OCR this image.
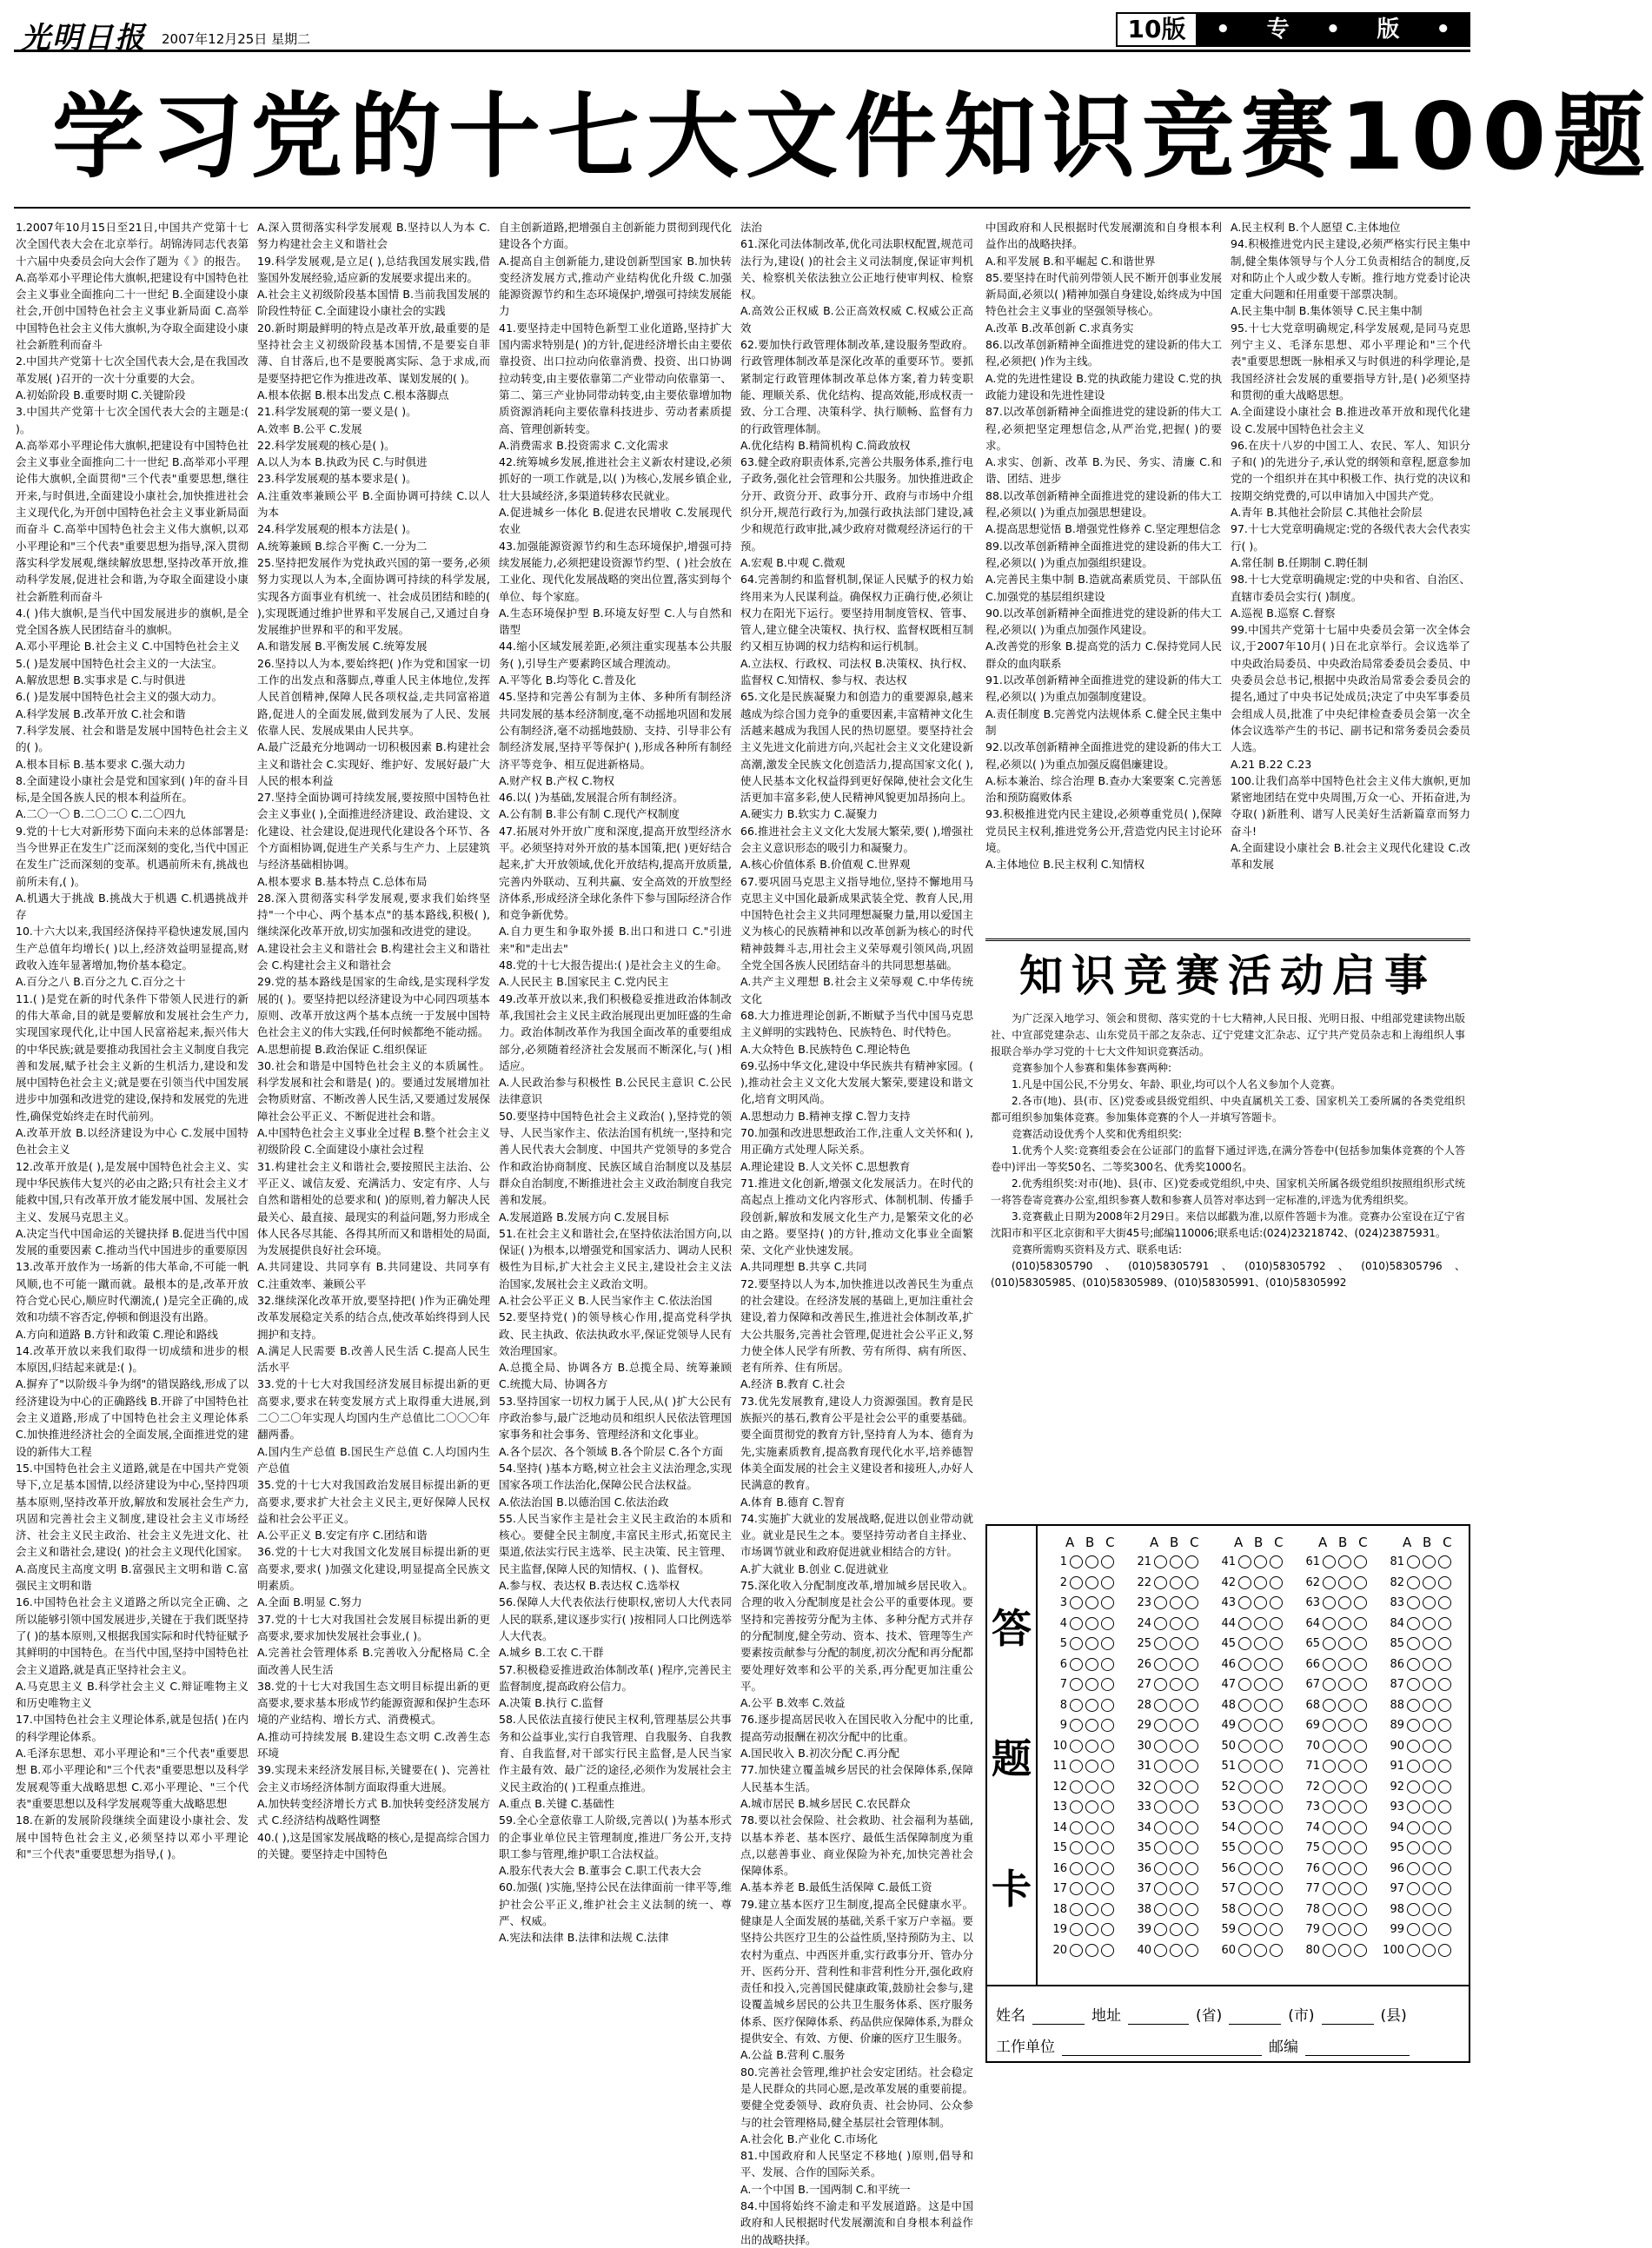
光明日报 2007年12月25日 星期二	10版	• 专 • 版 •
学习党的十七大文件知识竞赛100题

1.2007年10月15日至21日,中国共产党第十七次全国代表大会在北京举行。胡锦涛同志代表第十六届中央委员会向大会作了题为《 》的报告。

A.高举邓小平理论伟大旗帜,把建设有中国特色社会主义事业全面推向二十一世纪 B.全面建设小康社会,开创中国特色社会主义事业新局面 C.高举中国特色社会主义伟大旗帜,为夺取全面建设小康社会新胜利而奋斗

2.中国共产党第十七次全国代表大会,是在我国改革发展( )召开的一次十分重要的大会。

A.初始阶段 B.重要时期 C.关键阶段

3.中国共产党第十七次全国代表大会的主题是:( )。

A.高举邓小平理论伟大旗帜,把建设有中国特色社会主义事业全面推向二十一世纪 B.高举邓小平理论伟大旗帜,全面贯彻"三个代表"重要思想,继往开来,与时俱进,全面建设小康社会,加快推进社会主义现代化,为开创中国特色社会主义事业新局面而奋斗 C.高举中国特色社会主义伟大旗帜,以邓小平理论和"三个代表"重要思想为指导,深入贯彻落实科学发展观,继续解放思想,坚持改革开放,推动科学发展,促进社会和谐,为夺取全面建设小康社会新胜利而奋斗

4.( )伟大旗帜,是当代中国发展进步的旗帜,是全党全国各族人民团结奋斗的旗帜。

A.邓小平理论 B.社会主义 C.中国特色社会主义

5.( )是发展中国特色社会主义的一大法宝。

A.解放思想 B.实事求是 C.与时俱进

6.( )是发展中国特色社会主义的强大动力。

A.科学发展 B.改革开放 C.社会和谐

7.科学发展、社会和谐是发展中国特色社会主义的( )。

A.根本目标 B.基本要求 C.强大动力

8.全面建设小康社会是党和国家到( )年的奋斗目标,是全国各族人民的根本利益所在。

A.二〇一〇 B.二〇二〇 C.二〇四九

9.党的十七大对新形势下面向未来的总体部署是:当今世界正在发生广泛而深刻的变化,当代中国正在发生广泛而深刻的变革。机遇前所未有,挑战也前所未有,( )。

A.机遇大于挑战 B.挑战大于机遇 C.机遇挑战并存

10.十六大以来,我国经济保持平稳快速发展,国内生产总值年均增长( )以上,经济效益明显提高,财政收入连年显著增加,物价基本稳定。

A.百分之八 B.百分之九 C.百分之十

11.( )是党在新的时代条件下带领人民进行的新的伟大革命,目的就是要解放和发展社会生产力,实现国家现代化,让中国人民富裕起来,振兴伟大的中华民族;就是要推动我国社会主义制度自我完善和发展,赋予社会主义新的生机活力,建设和发展中国特色社会主义;就是要在引领当代中国发展进步中加强和改进党的建设,保持和发展党的先进性,确保党始终走在时代前列。

A.改革开放 B.以经济建设为中心 C.发展中国特色社会主义

12.改革开放是( ),是发展中国特色社会主义、实现中华民族伟大复兴的必由之路;只有社会主义才能救中国,只有改革开放才能发展中国、发展社会主义、发展马克思主义。

A.决定当代中国命运的关键抉择 B.促进当代中国发展的重要因素 C.推动当代中国进步的重要原因

13.改革开放作为一场新的伟大革命,不可能一帆风顺,也不可能一蹴而就。最根本的是,改革开放符合党心民心,顺应时代潮流,( )是完全正确的,成效和功绩不容否定,停顿和倒退没有出路。

A.方向和道路 B.方针和政策 C.理论和路线

14.改革开放以来我们取得一切成绩和进步的根本原因,归结起来就是:( )。

A.摒弃了"以阶级斗争为纲"的错误路线,形成了以经济建设为中心的正确路线 B.开辟了中国特色社会主义道路,形成了中国特色社会主义理论体系 C.加快推进经济社会的全面发展,全面推进党的建设的新伟大工程

15.中国特色社会主义道路,就是在中国共产党领导下,立足基本国情,以经济建设为中心,坚持四项基本原则,坚持改革开放,解放和发展社会生产力,巩固和完善社会主义制度,建设社会主义市场经济、社会主义民主政治、社会主义先进文化、社会主义和谐社会,建设( )的社会主义现代化国家。

A.高度民主高度文明 B.富强民主文明和谐 C.富强民主文明和谐

16.中国特色社会主义道路之所以完全正确、之所以能够引领中国发展进步,关键在于我们既坚持了( )的基本原则,又根据我国实际和时代特征赋予其鲜明的中国特色。在当代中国,坚持中国特色社会主义道路,就是真正坚持社会主义。

A.马克思主义 B.科学社会主义 C.辩证唯物主义和历史唯物主义

17.中国特色社会主义理论体系,就是包括( )在内的科学理论体系。

A.毛泽东思想、邓小平理论和"三个代表"重要思想 B.邓小平理论和"三个代表"重要思想以及科学发展观等重大战略思想 C.邓小平理论、"三个代表"重要思想以及科学发展观等重大战略思想

18.在新的发展阶段继续全面建设小康社会、发展中国特色社会主义,必须坚持以邓小平理论和"三个代表"重要思想为指导,( )。

A.深入贯彻落实科学发展观 B.坚持以人为本 C.努力构建社会主义和谐社会

19.科学发展观,是立足( ),总结我国发展实践,借鉴国外发展经验,适应新的发展要求提出来的。

A.社会主义初级阶段基本国情 B.当前我国发展的阶段性特征 C.全面建设小康社会的实践

20.新时期最鲜明的特点是改革开放,最重要的是坚持社会主义初级阶段基本国情,不是要妄自菲薄、自甘落后,也不是要脱离实际、急于求成,而是要坚持把它作为推进改革、谋划发展的( )。

A.根本依据 B.根本出发点 C.根本落脚点

21.科学发展观的第一要义是( )。

A.效率 B.公平 C.发展

22.科学发展观的核心是( )。

A.以人为本 B.执政为民 C.与时俱进

23.科学发展观的基本要求是( )。

A.注重效率兼顾公平 B.全面协调可持续 C.以人为本

24.科学发展观的根本方法是( )。

A.统筹兼顾 B.综合平衡 C.一分为二

25.坚持把发展作为党执政兴国的第一要务,必须努力实现以人为本,全面协调可持续的科学发展,实现各方面事业有机统一、社会成员团结和睦的( ),实现既通过维护世界和平发展自己,又通过自身发展维护世界和平的和平发展。

A.和谐发展 B.平衡发展 C.统筹发展

26.坚持以人为本,要始终把( )作为党和国家一切工作的出发点和落脚点,尊重人民主体地位,发挥人民首创精神,保障人民各项权益,走共同富裕道路,促进人的全面发展,做到发展为了人民、发展依靠人民、发展成果由人民共享。

A.最广泛最充分地调动一切积极因素 B.构建社会主义和谐社会 C.实现好、维护好、发展好最广大人民的根本利益

27.坚持全面协调可持续发展,要按照中国特色社会主义事业( ),全面推进经济建设、政治建设、文化建设、社会建设,促进现代化建设各个环节、各个方面相协调,促进生产关系与生产力、上层建筑与经济基础相协调。

A.根本要求 B.基本特点 C.总体布局

28.深入贯彻落实科学发展观,要求我们始终坚持"一个中心、两个基本点"的基本路线,积极( ),继续深化改革开放,切实加强和改进党的建设。

A.建设社会主义和谐社会 B.构建社会主义和谐社会 C.构建社会主义和谐社会

29.党的基本路线是国家的生命线,是实现科学发展的( )。要坚持把以经济建设为中心同四项基本原则、改革开放这两个基本点统一于发展中国特色社会主义的伟大实践,任何时候都绝不能动摇。

A.思想前提 B.政治保证 C.组织保证

30.社会和谐是中国特色社会主义的本质属性。科学发展和社会和谐是( )的。要通过发展增加社会物质财富、不断改善人民生活,又要通过发展保障社会公平正义、不断促进社会和谐。

A.中国特色社会主义事业全过程 B.整个社会主义初级阶段 C.全面建设小康社会过程

31.构建社会主义和谐社会,要按照民主法治、公平正义、诚信友爱、充满活力、安定有序、人与自然和谐相处的总要求和( )的原则,着力解决人民最关心、最直接、最现实的利益问题,努力形成全体人民各尽其能、各得其所而又和谐相处的局面,为发展提供良好社会环境。

A.共同建设、共同享有 B.共同建设、共同享有 C.注重效率、兼顾公平

32.继续深化改革开放,要坚持把( )作为正确处理改革发展稳定关系的结合点,使改革始终得到人民拥护和支持。

A.满足人民需要 B.改善人民生活 C.提高人民生活水平

33.党的十七大对我国经济发展目标提出新的更高要求,要求在转变发展方式上取得重大进展,到二〇二〇年实现人均国内生产总值比二〇〇〇年翻两番。

A.国内生产总值 B.国民生产总值 C.人均国内生产总值

35.党的十七大对我国政治发展目标提出新的更高要求,要求扩大社会主义民主,更好保障人民权益和社会公平正义。

A.公平正义 B.安定有序 C.团结和谐

36.党的十七大对我国文化发展目标提出新的更高要求,要求( )加强文化建设,明显提高全民族文明素质。

A.全面 B.明显 C.努力

37.党的十七大对我国社会发展目标提出新的更高要求,要求加快发展社会事业,( )。

A.完善社会管理体系 B.完善收入分配格局 C.全面改善人民生活

38.党的十七大对我国生态文明目标提出新的更高要求,要求基本形成节约能源资源和保护生态环境的产业结构、增长方式、消费模式。

A.推动可持续发展 B.建设生态文明 C.改善生态环境

39.实现未来经济发展目标,关键要在( )、完善社会主义市场经济体制方面取得重大进展。

A.加快转变经济增长方式 B.加快转变经济发展方式 C.经济结构战略性调整

40.( ),这是国家发展战略的核心,是提高综合国力的关键。要坚持走中国特色

自主创新道路,把增强自主创新能力贯彻到现代化建设各个方面。

A.提高自主创新能力,建设创新型国家 B.加快转变经济发展方式,推动产业结构优化升级 C.加强能源资源节约和生态环境保护,增强可持续发展能力

41.要坚持走中国特色新型工业化道路,坚持扩大国内需求特别是( )的方针,促进经济增长由主要依靠投资、出口拉动向依靠消费、投资、出口协调拉动转变,由主要依靠第二产业带动向依靠第一、第二、第三产业协同带动转变,由主要依靠增加物质资源消耗向主要依靠科技进步、劳动者素质提高、管理创新转变。

A.消费需求 B.投资需求 C.文化需求

42.统筹城乡发展,推进社会主义新农村建设,必须抓好的一项工作就是,以( )为核心,发展乡镇企业,壮大县域经济,多渠道转移农民就业。

A.促进城乡一体化 B.促进农民增收 C.发展现代农业

43.加强能源资源节约和生态环境保护,增强可持续发展能力,必须把建设资源节约型、( )社会放在工业化、现代化发展战略的突出位置,落实到每个单位、每个家庭。

A.生态环境保护型 B.环境友好型 C.人与自然和谐型

44.缩小区域发展差距,必须注重实现基本公共服务( ),引导生产要素跨区域合理流动。

A.平等化 B.均等化 C.普及化

45.坚持和完善公有制为主体、多种所有制经济共同发展的基本经济制度,毫不动摇地巩固和发展公有制经济,毫不动摇地鼓励、支持、引导非公有制经济发展,坚持平等保护( ),形成各种所有制经济平等竞争、相互促进新格局。

A.财产权 B.产权 C.物权

46.以( )为基础,发展混合所有制经济。

A.公有制 B.非公有制 C.现代产权制度

47.拓展对外开放广度和深度,提高开放型经济水平。必须坚持对外开放的基本国策,把( )更好结合起来,扩大开放领域,优化开放结构,提高开放质量,完善内外联动、互利共赢、安全高效的开放型经济体系,形成经济全球化条件下参与国际经济合作和竞争新优势。

A.自力更生和争取外援 B.出口和进口 C."引进来"和"走出去"

48.党的十七大报告提出:( )是社会主义的生命。

A.人民民主 B.国家民主 C.党内民主

49.改革开放以来,我们积极稳妥推进政治体制改革,我国社会主义民主政治展现出更加旺盛的生命力。政治体制改革作为我国全面改革的重要组成部分,必须随着经济社会发展而不断深化,与( )相适应。

A.人民政治参与积极性 B.公民民主意识 C.公民法律意识

50.要坚持中国特色社会主义政治( ),坚持党的领导、人民当家作主、依法治国有机统一,坚持和完善人民代表大会制度、中国共产党领导的多党合作和政治协商制度、民族区域自治制度以及基层群众自治制度,不断推进社会主义政治制度自我完善和发展。

A.发展道路 B.发展方向 C.发展目标

51.在社会主义和谐社会,在坚持依法治国方向,以保证( )为根本,以增强党和国家活力、调动人民积极性为目标,扩大社会主义民主,建设社会主义法治国家,发展社会主义政治文明。

A.社会公平正义 B.人民当家作主 C.依法治国

52.要坚持党( )的领导核心作用,提高党科学执政、民主执政、依法执政水平,保证党领导人民有效治理国家。

A.总揽全局、协调各方 B.总揽全局、统筹兼顾 C.统揽大局、协调各方

53.坚持国家一切权力属于人民,从( )扩大公民有序政治参与,最广泛地动员和组织人民依法管理国家事务和社会事务、管理经济和文化事业。

A.各个层次、各个领域 B.各个阶层 C.各个方面

54.坚持( )基本方略,树立社会主义法治理念,实现国家各项工作法治化,保障公民合法权益。

A.依法治国 B.以德治国 C.依法治政

55.人民当家作主是社会主义民主政治的本质和核心。要健全民主制度,丰富民主形式,拓宽民主渠道,依法实行民主选举、民主决策、民主管理、民主监督,保障人民的知情权、( )、监督权。

A.参与权、表达权 B.表达权 C.选举权

56.保障人大代表依法行使职权,密切人大代表同人民的联系,建议逐步实行( )按相同人口比例选举人大代表。

A.城乡 B.工农 C.干群

57.积极稳妥推进政治体制改革( )程序,完善民主监督制度,提高政府公信力。

A.决策 B.执行 C.监督

58.人民依法直接行使民主权利,管理基层公共事务和公益事业,实行自我管理、自我服务、自我教育、自我监督,对干部实行民主监督,是人民当家作主最有效、最广泛的途径,必须作为发展社会主义民主政治的( )工程重点推进。

A.重点 B.关键 C.基础性

59.全心全意依靠工人阶级,完善以( )为基本形式的企事业单位民主管理制度,推进厂务公开,支持职工参与管理,维护职工合法权益。

A.股东代表大会 B.董事会 C.职工代表大会

60.加强( )实施,坚持公民在法律面前一律平等,维护社会公平正义,维护社会主义法制的统一、尊严、权威。

A.宪法和法律 B.法律和法规 C.法律

法治

61.深化司法体制改革,优化司法职权配置,规范司法行为,建设( )的社会主义司法制度,保证审判机关、检察机关依法独立公正地行使审判权、检察权。

A.高效公正权威 B.公正高效权威 C.权威公正高效

62.要加快行政管理体制改革,建设服务型政府。行政管理体制改革是深化改革的重要环节。要抓紧制定行政管理体制改革总体方案,着力转变职能、理顺关系、优化结构、提高效能,形成权责一致、分工合理、决策科学、执行顺畅、监督有力的行政管理体制。

A.优化结构 B.精简机构 C.简政放权

63.健全政府职责体系,完善公共服务体系,推行电子政务,强化社会管理和公共服务。加快推进政企分开、政资分开、政事分开、政府与市场中介组织分开,规范行政行为,加强行政执法部门建设,减少和规范行政审批,减少政府对微观经济运行的干预。

A.宏观 B.中观 C.微观

64.完善制约和监督机制,保证人民赋予的权力始终用来为人民谋利益。确保权力正确行使,必须让权力在阳光下运行。要坚持用制度管权、管事、管人,建立健全决策权、执行权、监督权既相互制约又相互协调的权力结构和运行机制。

A.立法权、行政权、司法权 B.决策权、执行权、监督权 C.知情权、参与权、表达权

65.文化是民族凝聚力和创造力的重要源泉,越来越成为综合国力竞争的重要因素,丰富精神文化生活越来越成为我国人民的热切愿望。要坚持社会主义先进文化前进方向,兴起社会主义文化建设新高潮,激发全民族文化创造活力,提高国家文化( ),使人民基本文化权益得到更好保障,使社会文化生活更加丰富多彩,使人民精神风貌更加昂扬向上。

A.硬实力 B.软实力 C.凝聚力

66.推进社会主义文化大发展大繁荣,要( ),增强社会主义意识形态的吸引力和凝聚力。

A.核心价值体系 B.价值观 C.世界观

67.要巩固马克思主义指导地位,坚持不懈地用马克思主义中国化最新成果武装全党、教育人民,用中国特色社会主义共同理想凝聚力量,用以爱国主义为核心的民族精神和以改革创新为核心的时代精神鼓舞斗志,用社会主义荣辱观引领风尚,巩固全党全国各族人民团结奋斗的共同思想基础。

A.共产主义理想 B.社会主义荣辱观 C.中华传统文化

68.大力推进理论创新,不断赋予当代中国马克思主义鲜明的实践特色、民族特色、时代特色。

A.大众特色 B.民族特色 C.理论特色

69.弘扬中华文化,建设中华民族共有精神家园。( ),推动社会主义文化大发展大繁荣,要建设和谐文化,培育文明风尚。

A.思想动力 B.精神支撑 C.智力支持

70.加强和改进思想政治工作,注重人文关怀和( ),用正确方式处理人际关系。

A.理论建设 B.人文关怀 C.思想教育

71.推进文化创新,增强文化发展活力。在时代的高起点上推动文化内容形式、体制机制、传播手段创新,解放和发展文化生产力,是繁荣文化的必由之路。要坚持( )的方针,推动文化事业全面繁荣、文化产业快速发展。

A.共同理想 B.共享 C.共同

72.要坚持以人为本,加快推进以改善民生为重点的社会建设。在经济发展的基础上,更加注重社会建设,着力保障和改善民生,推进社会体制改革,扩大公共服务,完善社会管理,促进社会公平正义,努力使全体人民学有所教、劳有所得、病有所医、老有所养、住有所居。

A.经济 B.教育 C.社会

73.优先发展教育,建设人力资源强国。教育是民族振兴的基石,教育公平是社会公平的重要基础。要全面贯彻党的教育方针,坚持育人为本、德育为先,实施素质教育,提高教育现代化水平,培养德智体美全面发展的社会主义建设者和接班人,办好人民满意的教育。

A.体育 B.德育 C.智育

74.实施扩大就业的发展战略,促进以创业带动就业。就业是民生之本。要坚持劳动者自主择业、市场调节就业和政府促进就业相结合的方针。

A.扩大就业 B.创业 C.促进就业

75.深化收入分配制度改革,增加城乡居民收入。合理的收入分配制度是社会公平的重要体现。要坚持和完善按劳分配为主体、多种分配方式并存的分配制度,健全劳动、资本、技术、管理等生产要素按贡献参与分配的制度,初次分配和再分配都要处理好效率和公平的关系,再分配更加注重公平。

A.公平 B.效率 C.效益

76.逐步提高居民收入在国民收入分配中的比重,提高劳动报酬在初次分配中的比重。

A.国民收入 B.初次分配 C.再分配

77.加快建立覆盖城乡居民的社会保障体系,保障人民基本生活。

A.城市居民 B.城乡居民 C.农民群众

78.要以社会保险、社会救助、社会福利为基础,以基本养老、基本医疗、最低生活保障制度为重点,以慈善事业、商业保险为补充,加快完善社会保障体系。

A.基本养老 B.最低生活保障 C.最低工资

79.建立基本医疗卫生制度,提高全民健康水平。健康是人全面发展的基础,关系千家万户幸福。要坚持公共医疗卫生的公益性质,坚持预防为主、以农村为重点、中西医并重,实行政事分开、管办分开、医药分开、营利性和非营利性分开,强化政府责任和投入,完善国民健康政策,鼓励社会参与,建设覆盖城乡居民的公共卫生服务体系、医疗服务体系、医疗保障体系、药品供应保障体系,为群众提供安全、有效、方便、价廉的医疗卫生服务。

A.公益 B.营利 C.服务

80.完善社会管理,维护社会安定团结。社会稳定是人民群众的共同心愿,是改革发展的重要前提。要健全党委领导、政府负责、社会协同、公众参与的社会管理格局,健全基层社会管理体制。

A.社会化 B.产业化 C.市场化

81.中国政府和人民坚定不移地( )原则,倡导和平、发展、合作的国际关系。

A.一个中国 B.一国两制 C.和平统一

84.中国将始终不渝走和平发展道路。这是中国政府和人民根据时代发展潮流和自身根本利益作出的战略抉择。

中国政府和人民根据时代发展潮流和自身根本利益作出的战略抉择。

A.和平发展 B.和平崛起 C.和谐世界

85.要坚持在时代前列带领人民不断开创事业发展新局面,必须以( )精神加强自身建设,始终成为中国特色社会主义事业的坚强领导核心。

A.改革 B.改革创新 C.求真务实

86.以改革创新精神全面推进党的建设新的伟大工程,必须把( )作为主线。

A.党的先进性建设 B.党的执政能力建设 C.党的执政能力建设和先进性建设

87.以改革创新精神全面推进党的建设新的伟大工程,必须把坚定理想信念,从严治党,把握( )的要求。

A.求实、创新、改革 B.为民、务实、清廉 C.和谐、团结、进步

88.以改革创新精神全面推进党的建设新的伟大工程,必须以( )为重点加强思想建设。

A.提高思想觉悟 B.增强党性修养 C.坚定理想信念

89.以改革创新精神全面推进党的建设新的伟大工程,必须以( )为重点加强组织建设。

A.完善民主集中制 B.造就高素质党员、干部队伍 C.加强党的基层组织建设

90.以改革创新精神全面推进党的建设新的伟大工程,必须以( )为重点加强作风建设。

A.改善党的形象 B.提高党的活力 C.保持党同人民群众的血肉联系

91.以改革创新精神全面推进党的建设新的伟大工程,必须以( )为重点加强制度建设。

A.责任制度 B.完善党内法规体系 C.健全民主集中制

92.以改革创新精神全面推进党的建设新的伟大工程,必须以( )为重点加强反腐倡廉建设。

A.标本兼治、综合治理 B.查办大案要案 C.完善惩治和预防腐败体系

93.积极推进党内民主建设,必须尊重党员( ),保障党员民主权利,推进党务公开,营造党内民主讨论环境。

A.主体地位 B.民主权利 C.知情权

A.民主权利 B.个人愿望 C.主体地位

94.积极推进党内民主建设,必须严格实行民主集中制,健全集体领导与个人分工负责相结合的制度,反对和防止个人或少数人专断。推行地方党委讨论决定重大问题和任用重要干部票决制。

A.民主集中制 B.集体领导 C.民主集中制

95.十七大党章明确规定,科学发展观,是同马克思列宁主义、毛泽东思想、邓小平理论和"三个代表"重要思想既一脉相承又与时俱进的科学理论,是我国经济社会发展的重要指导方针,是( )必须坚持和贯彻的重大战略思想。

A.全面建设小康社会 B.推进改革开放和现代化建设 C.发展中国特色社会主义

96.在庆十八岁的中国工人、农民、军人、知识分子和( )的先进分子,承认党的纲领和章程,愿意参加党的一个组织并在其中积极工作、执行党的决议和按期交纳党费的,可以申请加入中国共产党。

A.青年 B.其他社会阶层 C.其他社会阶层

97.十七大党章明确规定:党的各级代表大会代表实行( )。

A.常任制 B.任期制 C.聘任制

98.十七大党章明确规定:党的中央和省、自治区、直辖市委员会实行( )制度。

A.巡视 B.巡察 C.督察

99.中国共产党第十七届中央委员会第一次全体会议,于2007年10月( )日在北京举行。会议选举了中央政治局委员、中央政治局常委委员会委员、中央委员会总书记,根据中央政治局常委会委员会的提名,通过了中央书记处成员;决定了中央军事委员会组成人员,批准了中央纪律检查委员会第一次全体会议选举产生的书记、副书记和常务委员会委员人选。

A.21 B.22 C.23

100.让我们高举中国特色社会主义伟大旗帜,更加紧密地团结在党中央周围,万众一心、开拓奋进,为夺取( )新胜利、谱写人民美好生活新篇章而努力奋斗!

A.全面建设小康社会 B.社会主义现代化建设 C.改革和发展

知识竞赛活动启事

为广泛深入地学习、领会和贯彻、落实党的十七大精神,人民日报、光明日报、中组部党建读物出版社、中宣部党建杂志、山东党员干部之友杂志、辽宁党建文汇杂志、辽宁共产党员杂志和上海组织人事报联合举办学习党的十七大文件知识竞赛活动。

竞赛参加个人参赛和集体参赛两种:

1.凡是中国公民,不分男女、年龄、职业,均可以个人名义参加个人竞赛。

2.各市(地)、县(市、区)党委或县级党组织、中央直属机关工委、国家机关工委所属的各类党组织都可组织参加集体竞赛。参加集体竞赛的个人一并填写答题卡。

竞赛活动设优秀个人奖和优秀组织奖:

1.优秀个人奖:竞赛组委会在公证部门的监督下通过评选,在满分答卷中(包括参加集体竞赛的个人答卷中)评出一等奖50名、二等奖300名、优秀奖1000名。

2.优秀组织奖:对市(地)、县(市、区)党委或党组织,中央、国家机关所属各级党组织按照组织形式统一将答卷寄竞赛办公室,组织参赛人数和参赛人员答对率达到一定标准的,评选为优秀组织奖。

3.竞赛截止日期为2008年2月29日。来信以邮戳为准,以原件答题卡为准。竞赛办公室设在辽宁省沈阳市和平区北京街和平大街45号;邮编110006;联系电话:(024)23218742、(024)23875931。

竞赛所需购买资料及方式、联系电话:

(010)58305790、(010)58305791、(010)58305792、(010)58305796、(010)58305985、(010)58305989、(010)58305991、(010)58305992

答
题
卡
A B C	A B C	A B C	A B C	A B C
1	21	41	61	81
2	22	42	62	82
3	23	43	63	83
4	24	44	64	84
5	25	45	65	85
6	26	46	66	86
7	27	47	67	87
8	28	48	68	88
9	29	49	69	89
10	30	50	70	90
11	31	51	71	91
12	32	52	72	92
13	33	53	73	93
14	34	54	74	94
15	35	55	75	95
16	36	56	76	96
17	37	57	77	97
18	38	58	78	98
19	39	59	79	99
20	40	60	80	100
姓名	地址	(省)	(市)	(县)
工作单位	邮编
